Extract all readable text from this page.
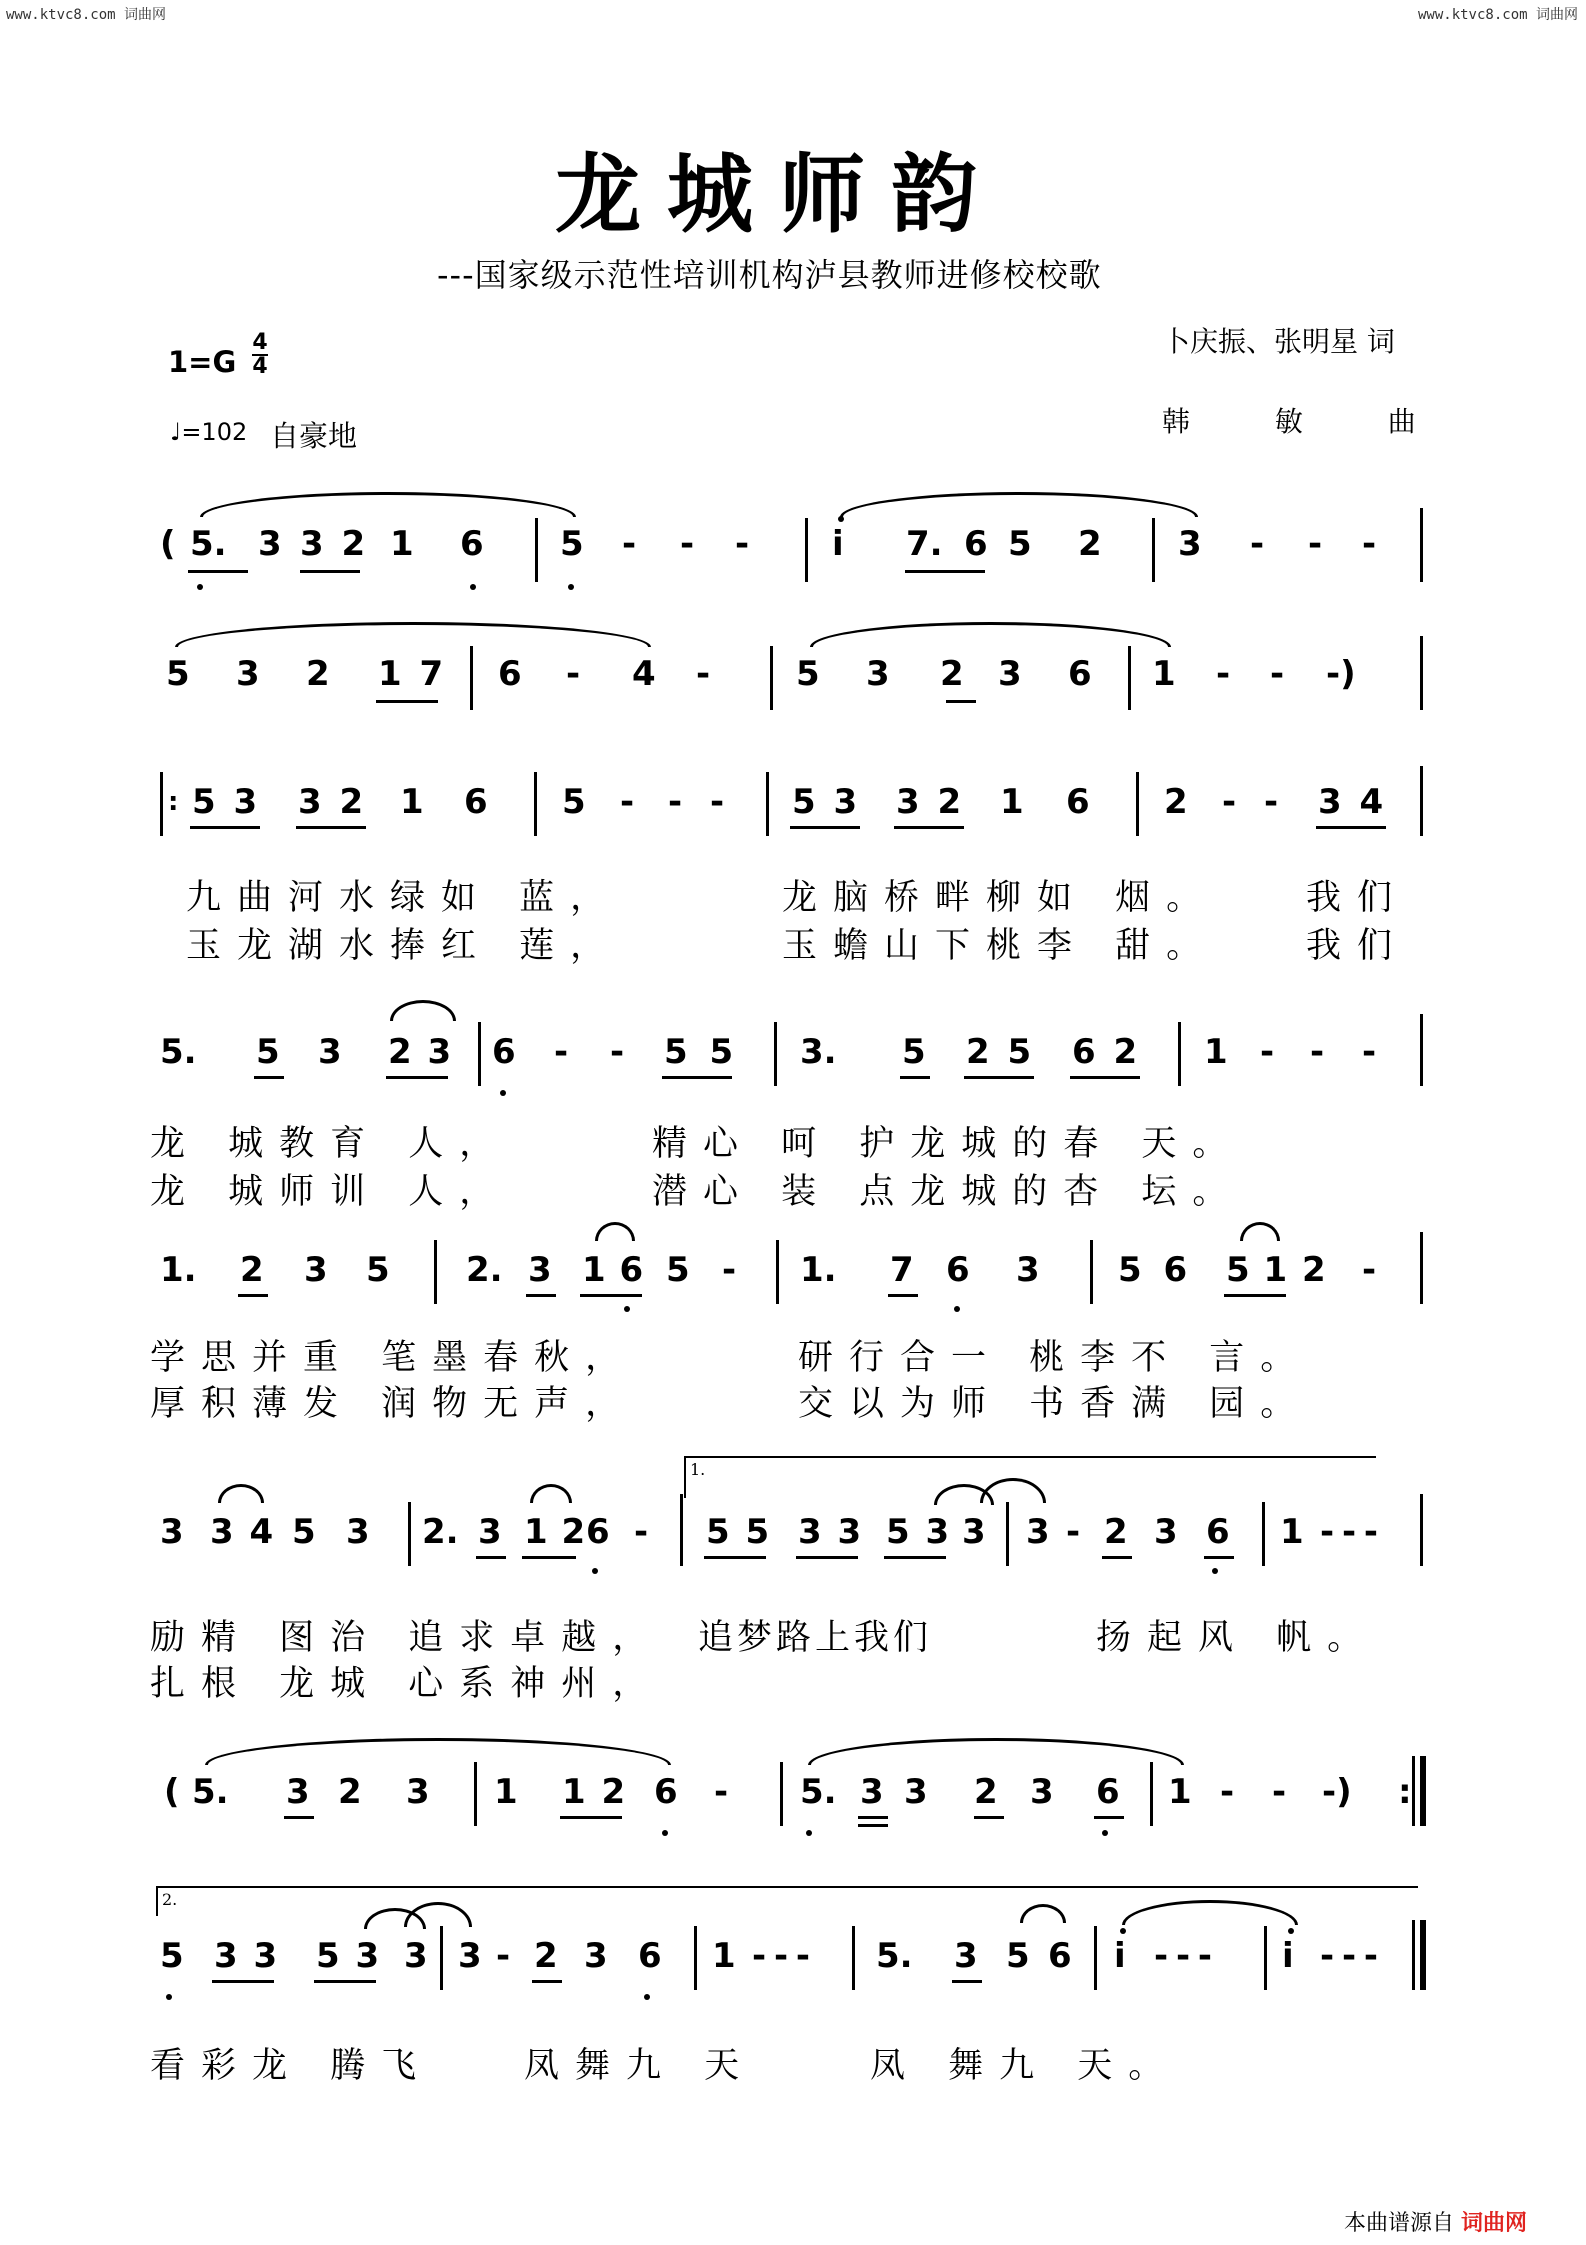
www.ktvc8.com 词曲网	www.ktvc8.com 词曲网
龙城师韵
---国家级示范性培训机构泸县教师进修校校歌
1=G
4
4
♩=102 自豪地
卜庆振、张明星 词
韩 敏 曲
( 5. 3 3 2 1 6 5 - - - i 7. 6 5 2 3 - - -
5 3 2 1 7 6 - 4 -	5 3 2 3 6 1 - - -)
: 5 3 3 2 1 6 5 - - - 5 3 3 2 1 6 2 - - 3 4
九曲河水绿如 蓝，	龙脑桥畔柳如 烟。	我们
玉龙湖水捧红 莲，	玉蟾山下桃李 甜。	我们
5. 5 3 2 3 6 - - 5 5 3. 5 2 5 6 2 1 - - -
龙 城教育 人，	精心 呵 护龙城的春 天。
龙 城师训 人，	潜心 装 点龙城的杏 坛。
1. 2 3 5 2. 3 1 6 5 - 1. 7 6 3 5 6 5 1 2 -
学思并重 笔墨春秋，	研行合一 桃李不 言。
厚积薄发 润物无声，	交以为师 书香满 园。
1.
3 3 4 5 3 2. 3 1 2 6 - 5 5 3 3 5 3 3 3 - 2 3 6 1 - - -
励精 图治 追求卓越， 追梦路上我们	扬起风 帆。
扎根 龙城 心系神州，
( 5. 3 2 3 1 1 2 6 - 5. 3 3 2 3 6 1 - - -) :
2.
5 3 3 5 3 3 3 - 2 3 6 1 - - - 5. 3 5 6 i - - - i - - -
看彩龙 腾飞	凤舞九 天	凤 舞九 天。
本曲谱源自 词曲网
